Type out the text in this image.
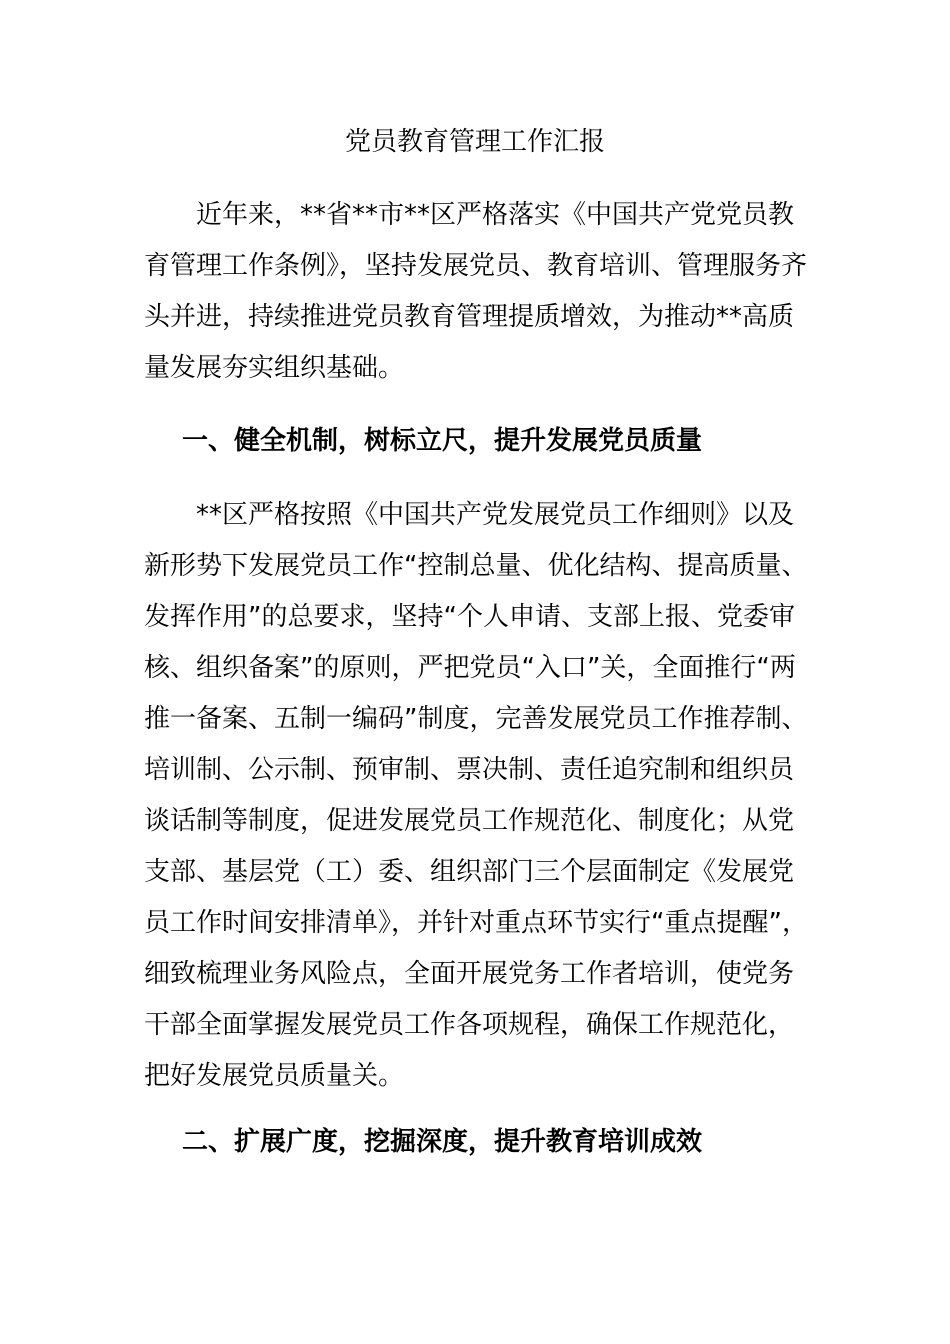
党员教育管理工作汇报

近年来，**省**市**区严格落实《中国共产党党员教育管理工作条例》，坚持发展党员、教育培训、管理服务齐头并进，持续推进党员教育管理提质增效，为推动**高质量发展夯实组织基础。

一、健全机制，树标立尺，提升发展党员质量

**区严格按照《中国共产党发展党员工作细则》以及新形势下发展党员工作“控制总量、优化结构、提高质量、发挥作用”的总要求，坚持“个人申请、支部上报、党委审核、组织备案”的原则，严把党员“入口”关，全面推行“两推一备案、五制一编码”制度，完善发展党员工作推荐制、培训制、公示制、预审制、票决制、责任追究制和组织员谈话制等制度，促进发展党员工作规范化、制度化；从党支部、基层党（工）委、组织部门三个层面制定《发展党员工作时间安排清单》，并针对重点环节实行“重点提醒”，细致梳理业务风险点，全面开展党务工作者培训，使党务干部全面掌握发展党员工作各项规程，确保工作规范化，把好发展党员质量关。

二、扩展广度，挖掘深度，提升教育培训成效
